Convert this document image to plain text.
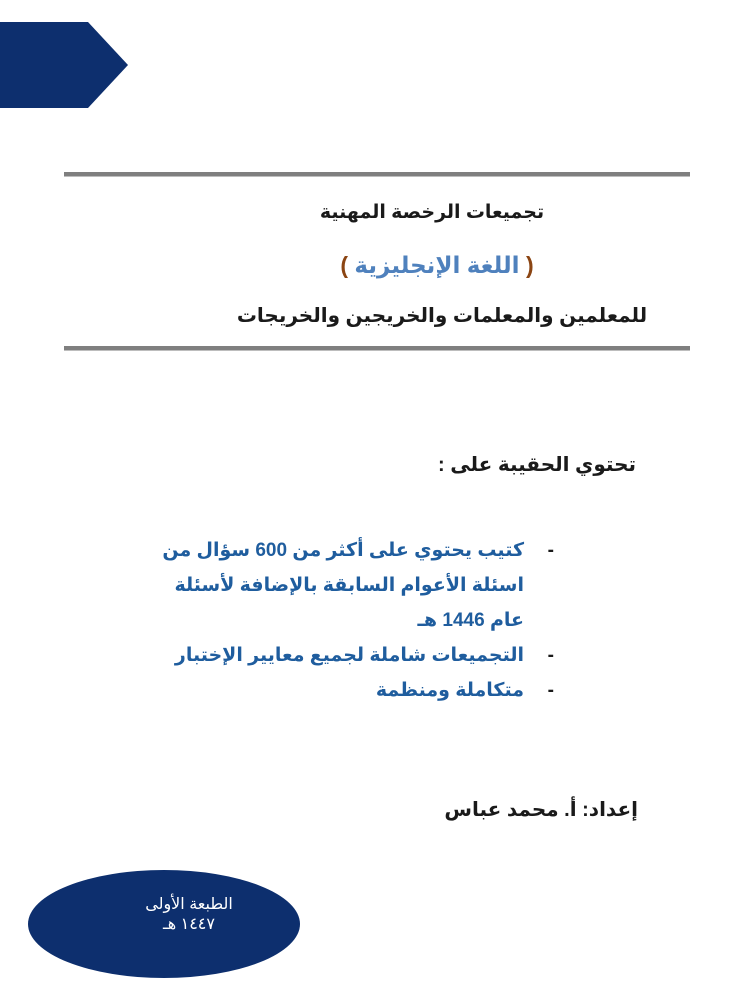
تجميعات الرخصة المهنية
( اللغة الإنجليزية )
للمعلمين والمعلمات والخريجين والخريجات
تحتوي الحقيبة على :
-
كتيب يحتوي على أكثر من 600 سؤال من اسئلة الأعوام السابقة بالإضافة لأسئلة عام 1446 هـ
-
التجميعات شاملة لجميع معايير الإختبار
-
متكاملة ومنظمة
إعداد: أ. محمد عباس
الطبعة الأولى
١٤٤٧ هـ
